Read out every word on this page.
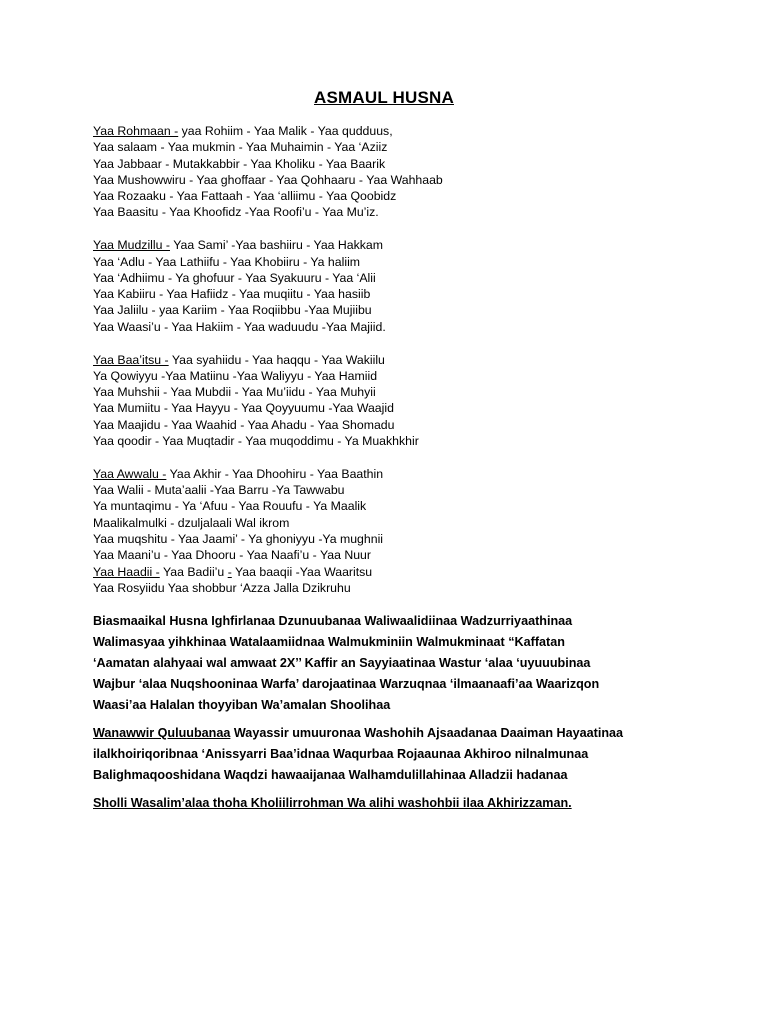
ASMAUL HUSNA
Yaa Rohmaan - yaa Rohiim - Yaa Malik - Yaa qudduus,
Yaa salaam - Yaa mukmin - Yaa Muhaimin - Yaa ‘Aziiz
Yaa Jabbaar - Mutakkabbir - Yaa Kholiku - Yaa Baarik
Yaa Mushowwiru - Yaa ghoffaar - Yaa Qohhaaru - Yaa Wahhaab
Yaa Rozaaku - Yaa Fattaah - Yaa ‘alliimu - Yaa Qoobidz
Yaa Baasitu - Yaa Khoofidz -Yaa Roofi’u - Yaa Mu’iz.
Yaa Mudzillu - Yaa Sami’ -Yaa bashiiru - Yaa Hakkam
Yaa ‘Adlu - Yaa Lathiifu - Yaa Khobiiru - Ya haliim
Yaa ‘Adhiimu - Ya ghofuur - Yaa Syakuuru - Yaa ‘Alii
Yaa Kabiiru - Yaa Hafiidz - Yaa muqiitu - Yaa hasiib
Yaa Jaliilu - yaa Kariim - Yaa Roqiibbu -Yaa Mujiibu
Yaa Waasi’u - Yaa Hakiim - Yaa waduudu -Yaa Majiid.
Yaa Baa’itsu - Yaa syahiidu - Yaa haqqu - Yaa Wakiilu
Ya Qowiyyu -Yaa Matiinu -Yaa Waliyyu - Yaa Hamiid
Yaa Muhshii - Yaa Mubdii - Yaa Mu’iidu - Yaa Muhyii
Yaa Mumiitu - Yaa Hayyu - Yaa Qoyyuumu -Yaa Waajid
Yaa Maajidu - Yaa Waahid - Yaa Ahadu - Yaa Shomadu
Yaa qoodir - Yaa Muqtadir - Yaa muqoddimu - Ya Muakhkhir
Yaa Awwalu - Yaa Akhir - Yaa Dhoohiru - Yaa Baathin
Yaa Walii - Muta’aalii -Yaa Barru -Ya Tawwabu
Ya muntaqimu - Ya ‘Afuu - Yaa Rouufu - Ya Maalik
Maalikalmulki - dzuljalaali Wal ikrom
Yaa muqshitu - Yaa Jaami’ - Ya ghoniyyu -Ya mughnii
Yaa Maani’u - Yaa Dhooru - Yaa Naafi’u - Yaa Nuur
Yaa Haadii - Yaa Badii’u - Yaa baaqii -Yaa Waaritsu
Yaa Rosyiidu Yaa shobbur ‘Azza Jalla Dzikruhu
Biasmaaikal Husna Ighfirlanaa Dzunuubanaa Waliwaalidiinaa Wadzurriyaathinaa
Walimasyaa yihkhinaa Watalaamiidnaa Walmukminiin Walmukminaat “Kaffatan
‘Aamatan alahyaai wal amwaat 2X’’ Kaffir an Sayyiaatinaa Wastur ‘alaa ‘uyuuubinaa
Wajbur ‘alaa Nuqshooninaa Warfa’ darojaatinaa Warzuqnaa ‘ilmaanaafi’aa Waarizqon
Waasi’aa Halalan thoyyiban Wa’amalan Shoolihaa
Wanawwir Quluubanaa Wayassir umuuronaa Washohih Ajsaadanaa Daaiman Hayaatinaa
ilalkhoiriqoribnaa ‘Anissyarri Baa’idnaa Waqurbaa Rojaaunaa Akhiroo nilnalmunaa
Balighmaqooshidana Waqdzi hawaaijanaa Walhamdulillahinaa Alladzii hadanaa
Sholli Wasalim’alaa thoha Kholiilirrohman Wa alihi washohbii ilaa Akhirizzaman.
